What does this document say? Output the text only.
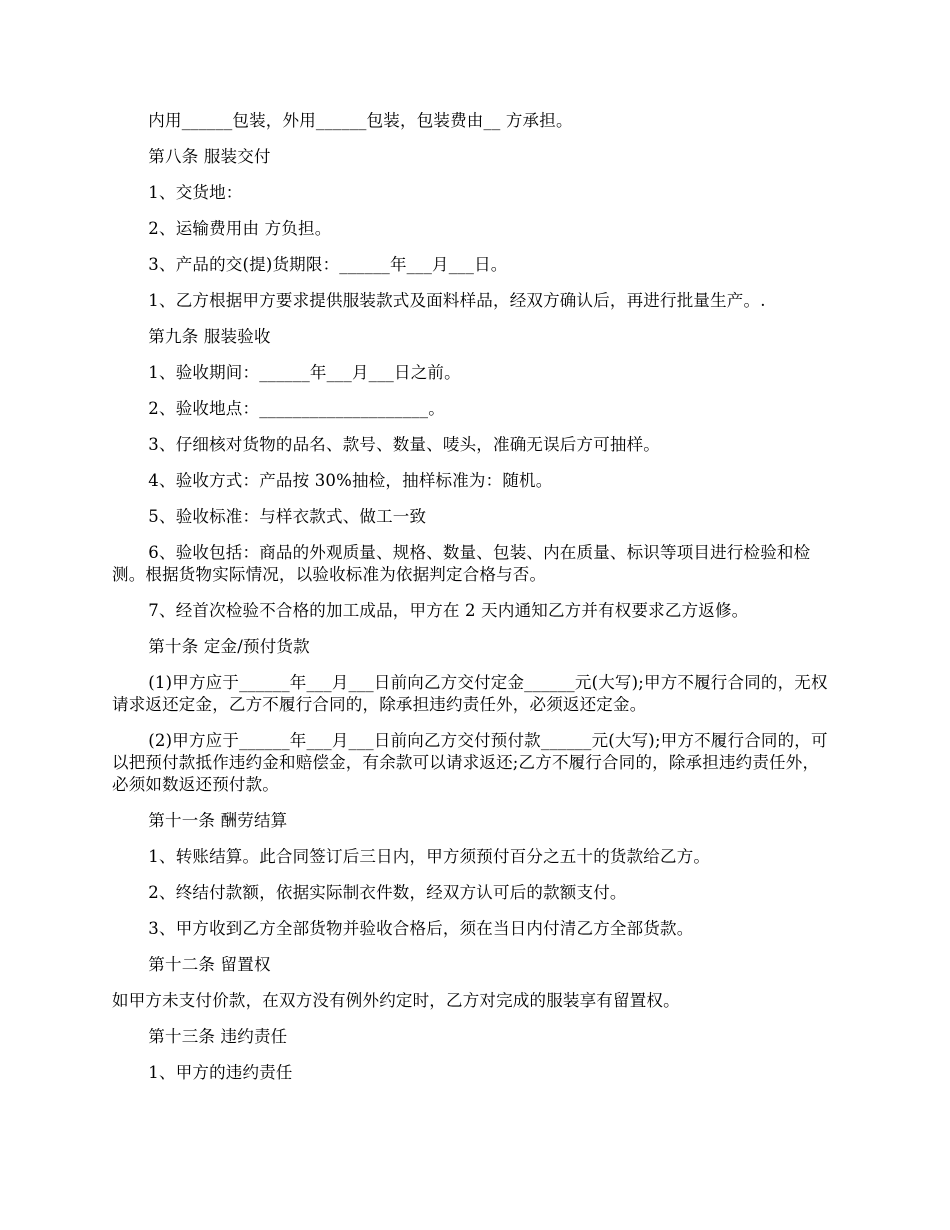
内用______包装，外用______包装，包装费由__ 方承担。

第八条 服装交付

1、交货地：

2、运输费用由 方负担。

3、产品的交(提)货期限：______年___月___日。

1、乙方根据甲方要求提供服装款式及面料样品，经双方确认后，再进行批量生产。.

第九条 服装验收

1、验收期间：______年___月___日之前。

2、验收地点：____________________。

3、仔细核对货物的品名、款号、数量、唛头，准确无误后方可抽样。

4、验收方式：产品按 30%抽检，抽样标准为：随机。

5、验收标准：与样衣款式、做工一致

6、验收包括：商品的外观质量、规格、数量、包装、内在质量、标识等项目进行检验和检测。根据货物实际情况，以验收标准为依据判定合格与否。

7、经首次检验不合格的加工成品，甲方在 2 天内通知乙方并有权要求乙方返修。

第十条 定金/预付货款

(1)甲方应于______年___月___日前向乙方交付定金______元(大写);甲方不履行合同的，无权请求返还定金，乙方不履行合同的，除承担违约责任外，必须返还定金。

(2)甲方应于______年___月___日前向乙方交付预付款______元(大写);甲方不履行合同的，可以把预付款抵作违约金和赔偿金，有余款可以请求返还;乙方不履行合同的，除承担违约责任外，必须如数返还预付款。

第十一条 酬劳结算

1、转账结算。此合同签订后三日内，甲方须预付百分之五十的货款给乙方。

2、终结付款额，依据实际制衣件数，经双方认可后的款额支付。

3、甲方收到乙方全部货物并验收合格后，须在当日内付清乙方全部货款。

第十二条 留置权

如甲方未支付价款，在双方没有例外约定时，乙方对完成的服装享有留置权。

第十三条 违约责任

1、甲方的违约责任
